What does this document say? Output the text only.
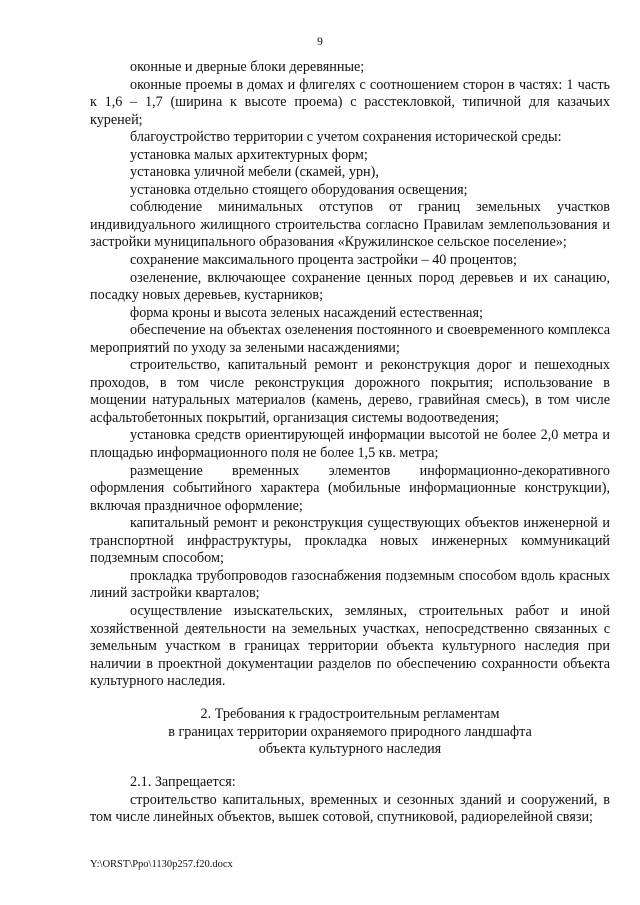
9

оконные и дверные блоки деревянные;

оконные проемы в домах и флигелях с соотношением сторон в частях: 1 часть к 1,6 – 1,7 (ширина к высоте проема) с расстекловкой, типичной для казачьих куреней;

благоустройство территории с учетом сохранения исторической среды:

установка малых архитектурных форм;

установка уличной мебели (скамей, урн),

установка отдельно стоящего оборудования освещения;

соблюдение минимальных отступов от границ земельных участков индивидуального жилищного строительства согласно Правилам землепользования и застройки муниципального образования «Кружилинское сельское поселение»;

сохранение максимального процента застройки – 40 процентов;

озеленение, включающее сохранение ценных пород деревьев и их санацию, посадку новых деревьев, кустарников;

форма кроны и высота зеленых насаждений естественная;

обеспечение на объектах озеленения постоянного и своевременного комплекса мероприятий по уходу за зелеными насаждениями;

строительство, капитальный ремонт и реконструкция дорог и пешеходных проходов, в том числе реконструкция дорожного покрытия; использование в мощении натуральных материалов (камень, дерево, гравийная смесь), в том числе асфальтобетонных покрытий, организация системы водоотведения;

установка средств ориентирующей информации высотой не более 2,0 метра и площадью информационного поля не более 1,5 кв. метра;

размещение временных элементов информационно-декоративного оформления событийного характера (мобильные информационные конструкции), включая праздничное оформление;

капитальный ремонт и реконструкция существующих объектов инженерной и транспортной инфраструктуры, прокладка новых инженерных коммуникаций подземным способом;

прокладка трубопроводов газоснабжения подземным способом вдоль красных линий застройки кварталов;

осуществление изыскательских, земляных, строительных работ и иной хозяйственной деятельности на земельных участках, непосредственно связанных с земельным участком в границах территории объекта культурного наследия при наличии в проектной документации разделов по обеспечению сохранности объекта культурного наследия.

2. Требования к градостроительным регламентам
в границах территории охраняемого природного ландшафта
объекта культурного наследия

2.1. Запрещается:

строительство капитальных, временных и сезонных зданий и сооружений, в том числе линейных объектов, вышек сотовой, спутниковой, радиорелейной связи;

Y:\ORST\Ppo\1130p257.f20.docx
